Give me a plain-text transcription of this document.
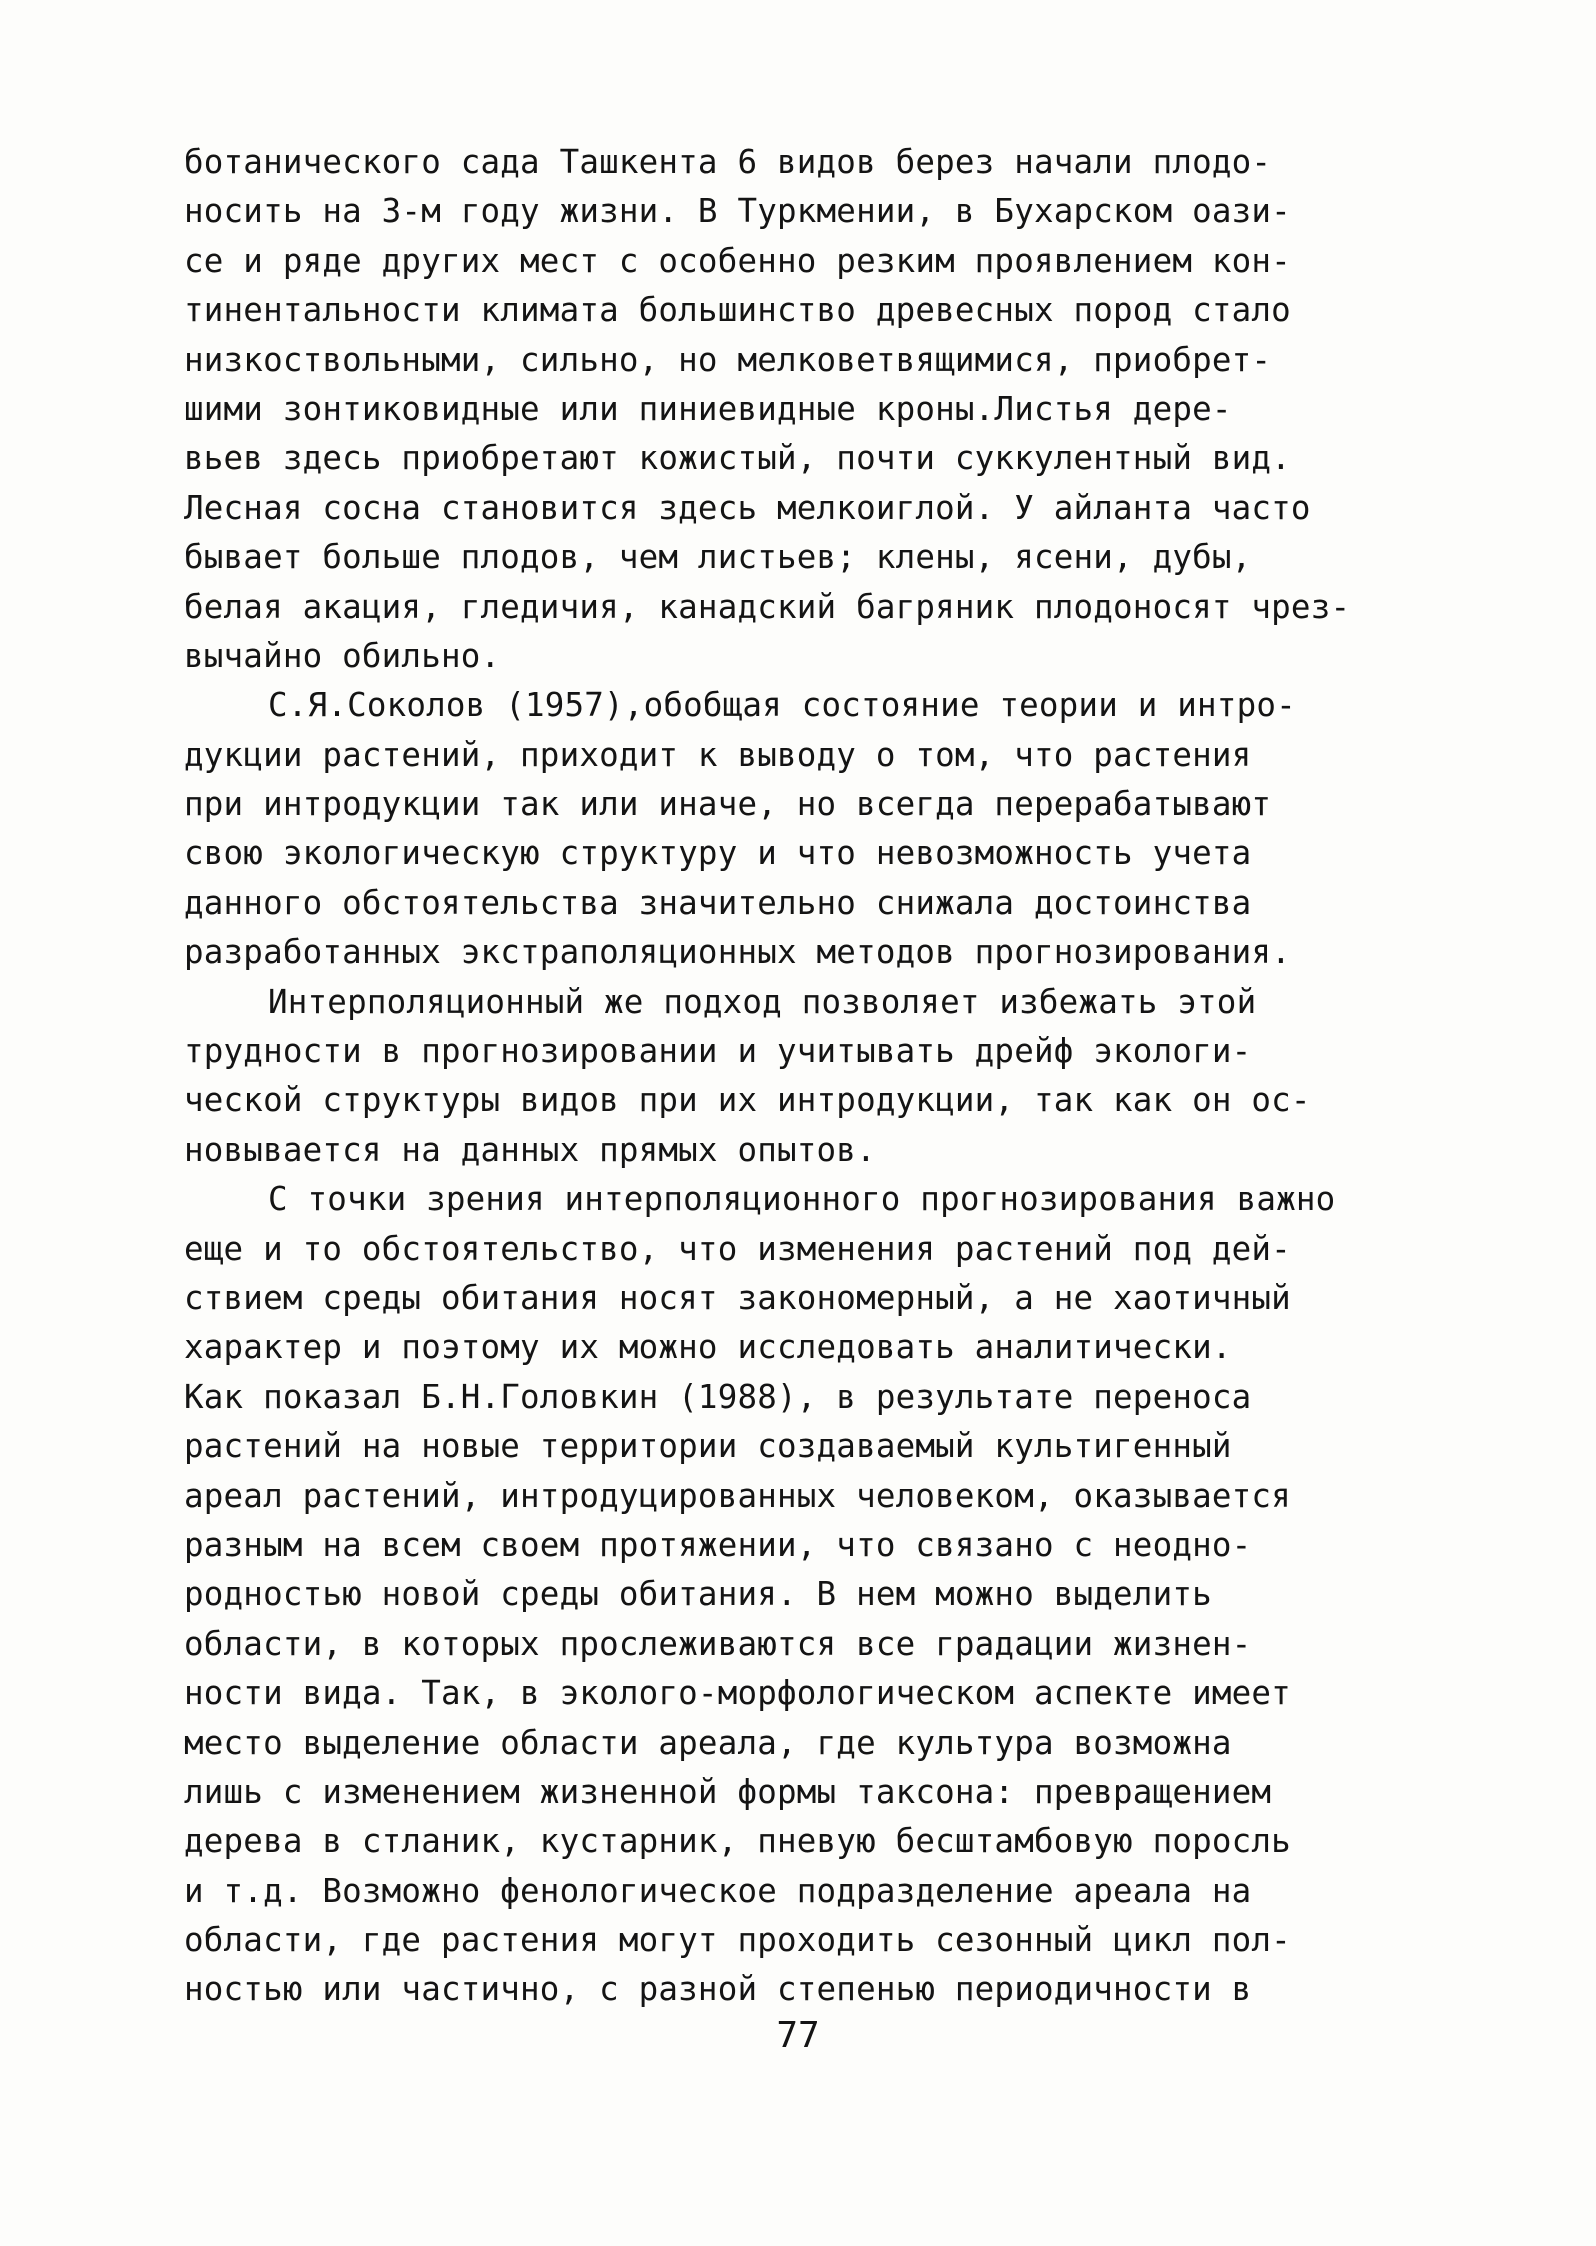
ботанического сада Ташкента 6 видов берез начали плодо-
носить на 3-м году жизни. В Туркмении, в Бухарском оази-
се и ряде других мест с особенно резким проявлением кон-
тинентальности климата большинство древесных пород стало
низкоствольными, сильно, но мелковетвящимися, приобрет-
шими зонтиковидные или пиниевидные кроны.Листья дере-
вьев здесь приобретают кожистый, почти суккулентный вид.
Лесная сосна становится здесь мелкоиглой. У айланта часто
бывает больше плодов, чем листьев; клены, ясени, дубы,
белая акация, гледичия, канадский багряник плодоносят чрез-
вычайно обильно.
С.Я.Соколов (1957),обобщая состояние теории и интро-
дукции растений, приходит к выводу о том, что растения
при интродукции так или иначе, но всегда перерабатывают
свою экологическую структуру и что невозможность учета
данного обстоятельства значительно снижала достоинства
разработанных экстраполяционных методов прогнозирования.
Интерполяционный же подход позволяет избежать этой
трудности в прогнозировании и учитывать дрейф экологи-
ческой структуры видов при их интродукции, так как он ос-
новывается на данных прямых опытов.
С точки зрения интерполяционного прогнозирования важно
еще и то обстоятельство, что изменения растений под дей-
ствием среды обитания носят закономерный, а не хаотичный
характер и поэтому их можно исследовать аналитически.
Как показал Б.Н.Головкин (1988), в результате переноса
растений на новые территории создаваемый культигенный
ареал растений, интродуцированных человеком, оказывается
разным на всем своем протяжении, что связано с неодно-
родностью новой среды обитания. В нем можно выделить
области, в которых прослеживаются все градации жизнен-
ности вида. Так, в эколого-морфологическом аспекте имеет
место выделение области ареала, где культура возможна
лишь с изменением жизненной формы таксона: превращением
дерева в стланик, кустарник, пневую бесштамбовую поросль
и т.д. Возможно фенологическое подразделение ареала на
области, где растения могут проходить сезонный цикл пол-
ностью или частично, с разной степенью периодичности в
77
